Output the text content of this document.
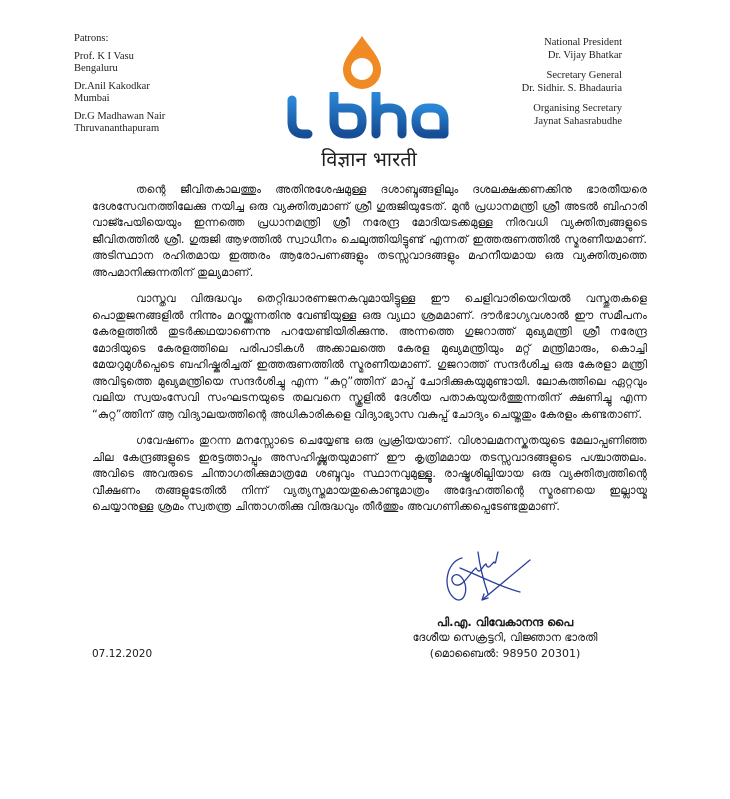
Patrons:
Prof. K I Vasu
Bengaluru
Dr.Anil Kakodkar
Mumbai
Dr.G Madhawan Nair
Thruvananthapuram
विज्ञान भारती
National President
Dr. Vijay Bhatkar
Secretary General
Dr. Sidhir. S. Bhadauria
Organising Secretary
Jaynat Sahasrabudhe

തന്റെ ജീവിതകാലത്തും അതിനുശേഷമുള്ള ദശാബ്ദങ്ങളിലും ദശലക്ഷക്കണക്കിനു ഭാരതീയരെ ദേശസേവനത്തിലേക്കു നയിച്ച ഒരു വ്യക്തിത്വമാണ് ശ്രീ ഗുരുജിയുടേത്. മുൻ പ്രധാനമന്ത്രി ശ്രീ അടൽ ബിഹാരി വാജ്പേയിയെയും ഇന്നത്തെ പ്രധാനമന്ത്രി ശ്രീ നരേന്ദ്ര മോദിയടക്കമുള്ള നിരവധി വ്യക്തിത്വങ്ങളുടെ ജീവിതത്തിൽ ശ്രീ. ഗുരുജി ആഴത്തിൽ സ്വാധീനം ചെലുത്തിയിട്ടുണ്ട് എന്നത് ഇത്തരുണത്തിൽ സ്മരണീയമാണ്. അടിസ്ഥാന രഹിതമായ ഇത്തരം ആരോപണങ്ങളും തടസ്സവാദങ്ങളും മഹനീയമായ ഒരു വ്യക്തിത്വത്തെ അപമാനിക്കുന്നതിന് തുല്യമാണ്.

വാസ്തവ വിരുദ്ധവും തെറ്റിദ്ധാരണജനകവുമായിട്ടുള്ള ഈ ചെളിവാരിയെറിയൽ വസ്തുതകളെ പൊതുജനങ്ങളിൽ നിന്നും മറയ്ക്കുന്നതിനു വേണ്ടിയുള്ള ഒരു വ്യഥാ ശ്രമമാണ്. ദൗർഭാഗ്യവശാൽ ഈ സമീപനം കേരളത്തിൽ തുടർക്കഥയാണെന്നു പറയേണ്ടിയിരിക്കുന്നു. അന്നത്തെ ഗുജറാത്ത് മുഖ്യമന്ത്രി ശ്രീ നരേന്ദ്ര മോദിയുടെ കേരളത്തിലെ പരിപാടികൾ അക്കാലത്തെ കേരള മുഖ്യമന്ത്രിയും മറ്റ് മന്ത്രിമാരും, കൊച്ചി മേയറുമുൾപ്പെടെ ബഹിഷ്കരിച്ചത് ഇത്തരുണത്തിൽ സ്മരണീയമാണ്. ഗുജറാത്ത് സന്ദർശിച്ച ഒരു കേരളാ മന്ത്രി അവിടുത്തെ മുഖ്യമന്ത്രിയെ സന്ദർശിച്ചു എന്ന “കുറ്റ”ത്തിന് മാപ്പ് ചോദിക്കുകയുമുണ്ടായി. ലോകത്തിലെ ഏറ്റവും വലിയ സ്വയംസേവി സംഘടനയുടെ തലവനെ സ്കൂളിൽ ദേശീയ പതാകയുയർത്തുന്നതിന് ക്ഷണിച്ചു എന്ന “കുറ്റ”ത്തിന് ആ വിദ്യാലയത്തിന്റെ അധികാരികളെ വിദ്യാഭ്യാസ വകുപ്പ് ചോദ്യം ചെയ്തതും കേരളം കണ്ടതാണ്.

ഗവേഷണം തുറന്ന മനസ്സോടെ ചെയ്യേണ്ട ഒരു പ്രക്രിയയാണ്. വിശാലമനസ്കതയുടെ മേലാപ്പണിഞ്ഞ ചില കേന്ദ്രങ്ങളുടെ ഇരട്ടത്താപ്പും അസഹിഷ്ണുതയുമാണ് ഈ കൃത്രിമമായ തടസ്സവാദങ്ങളുടെ പശ്ചാത്തലം. അവിടെ അവരുടെ ചിന്താഗതിക്കുമാത്രമേ ശബ്ദവും സ്ഥാനവുമുള്ളൂ. രാഷ്ട്രശില്പിയായ ഒരു വ്യക്തിത്വത്തിന്റെ വീക്ഷണം തങ്ങളുടേതിൽ നിന്ന് വ്യത്യസ്തമായതുകൊണ്ടുമാത്രം അദ്ദേഹത്തിന്റെ സ്മരണയെ ഇല്ലായ്മ ചെയ്യാനുള്ള ശ്രമം സ്വതന്ത്ര ചിന്താഗതിക്കു വിരുദ്ധവും തീർത്തും അവഗണിക്കപ്പെടേണ്ടതുമാണ്.

പി.എ. വിവേകാനന്ദ പൈ
ദേശീയ സെക്രട്ടറി, വിജ്ഞാന ഭാരതി
(മൊബൈൽ: 98950 20301)
07.12.2020
